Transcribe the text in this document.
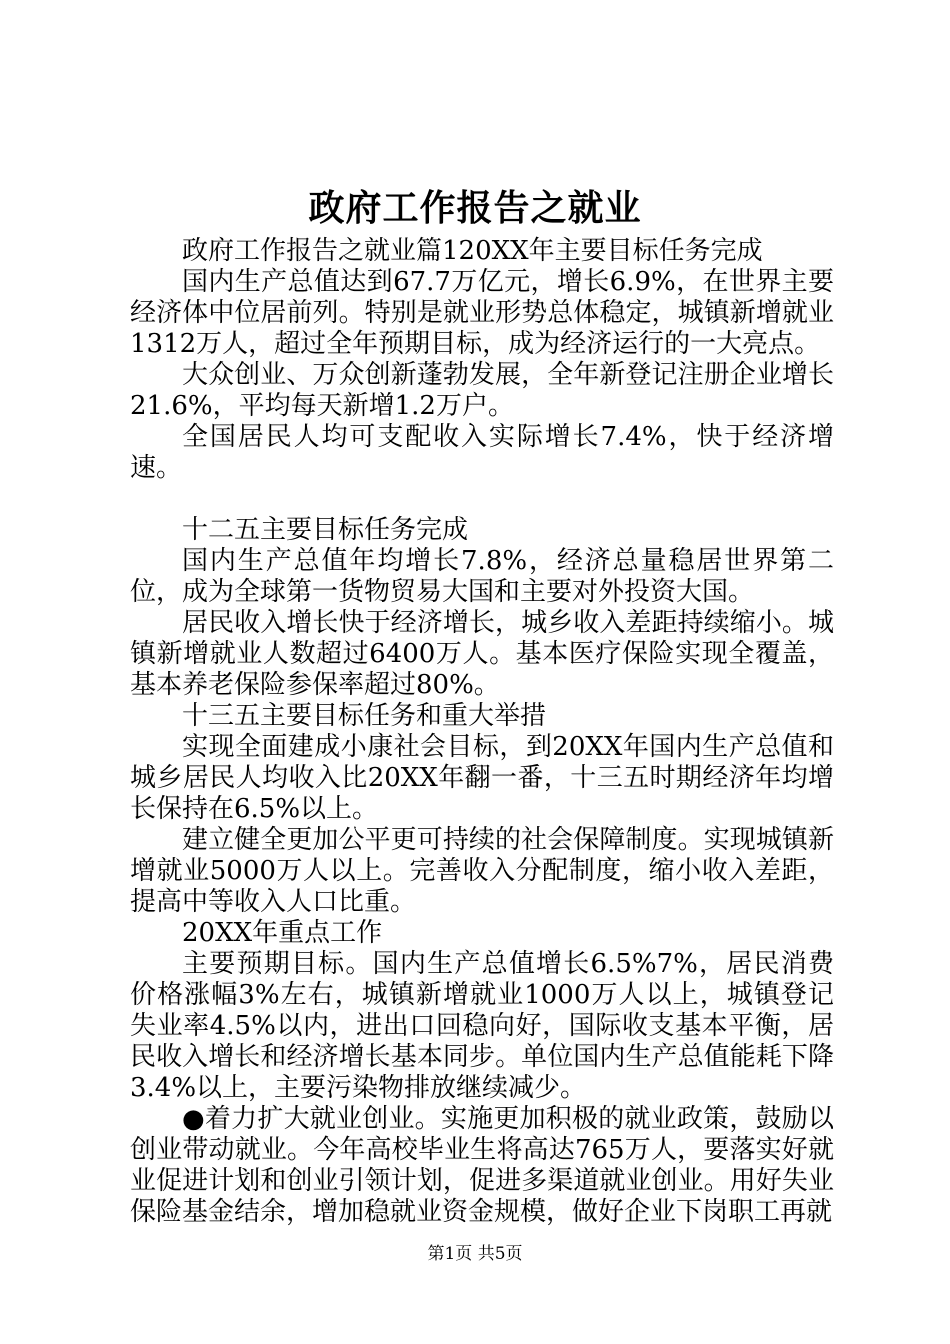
政府工作报告之就业

政府工作报告之就业篇120XX年主要目标任务完成

国内生产总值达到67.7万亿元，增长6.9%，在世界主要经济体中位居前列。特别是就业形势总体稳定，城镇新增就业1312万人，超过全年预期目标，成为经济运行的一大亮点。

大众创业、万众创新蓬勃发展，全年新登记注册企业增长21.6%，平均每天新增1.2万户。

全国居民人均可支配收入实际增长7.4%，快于经济增速。

十二五主要目标任务完成

国内生产总值年均增长7.8%，经济总量稳居世界第二位，成为全球第一货物贸易大国和主要对外投资大国。

居民收入增长快于经济增长，城乡收入差距持续缩小。城镇新增就业人数超过6400万人。基本医疗保险实现全覆盖，基本养老保险参保率超过80%。

十三五主要目标任务和重大举措

实现全面建成小康社会目标，到20XX年国内生产总值和城乡居民人均收入比20XX年翻一番，十三五时期经济年均增长保持在6.5%以上。

建立健全更加公平更可持续的社会保障制度。实现城镇新增就业5000万人以上。完善收入分配制度，缩小收入差距，提高中等收入人口比重。

20XX年重点工作

主要预期目标。国内生产总值增长6.5%7%，居民消费价格涨幅3%左右，城镇新增就业1000万人以上，城镇登记失业率4.5%以内，进出口回稳向好，国际收支基本平衡，居民收入增长和经济增长基本同步。单位国内生产总值能耗下降3.4%以上，主要污染物排放继续减少。

●着力扩大就业创业。实施更加积极的就业政策，鼓励以创业带动就业。今年高校毕业生将高达765万人，要落实好就业促进计划和创业引领计划，促进多渠道就业创业。用好失业保险基金结余，增加稳就业资金规模，做好企业下岗职工再就

第1页 共5页
